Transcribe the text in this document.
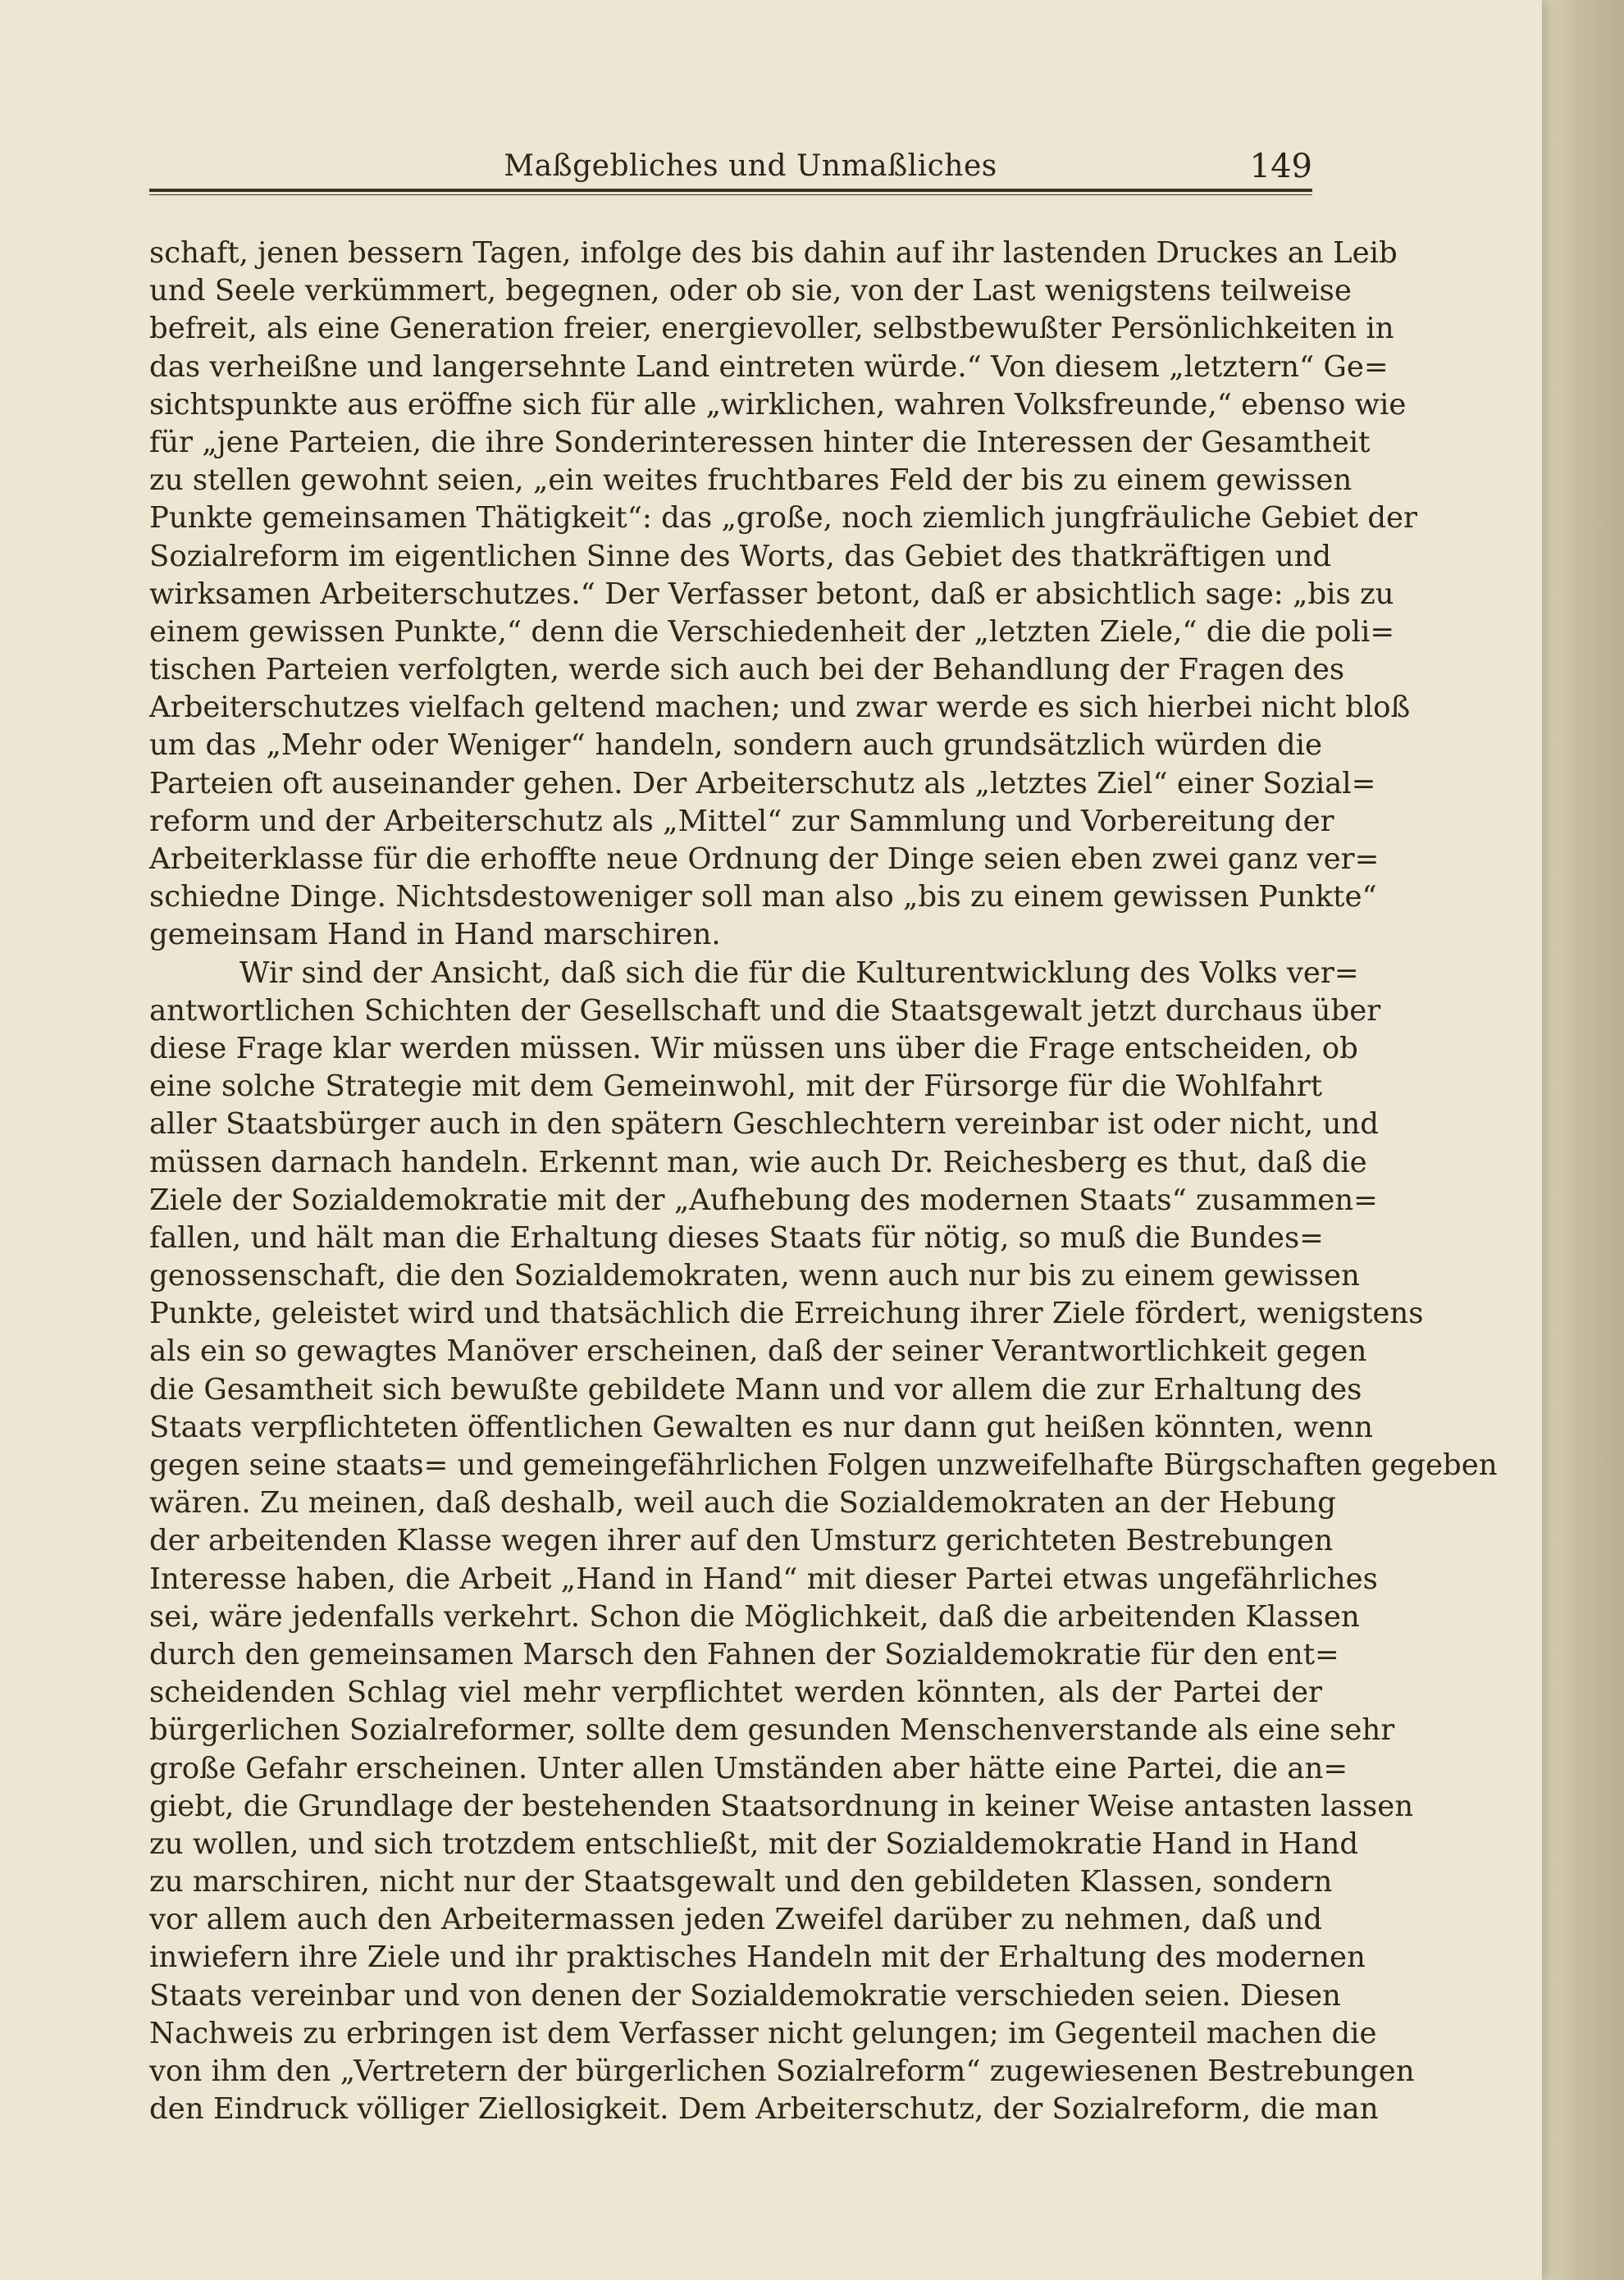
Maßgebliches und Unmaßliches	149
schaft, jenen bessern Tagen, infolge des bis dahin auf ihr lastenden Druckes an Leib
und Seele verkümmert, begegnen, oder ob sie, von der Last wenigstens teilweise
befreit, als eine Generation freier, energievoller, selbstbewußter Persönlichkeiten in
das verheißne und langersehnte Land eintreten würde.“ Von diesem „letztern“ Ge=
sichtspunkte aus eröffne sich für alle „wirklichen, wahren Volksfreunde,“ ebenso wie
für „jene Parteien, die ihre Sonderinteressen hinter die Interessen der Gesamtheit
zu stellen gewohnt seien, „ein weites fruchtbares Feld der bis zu einem gewissen
Punkte gemeinsamen Thätigkeit“: das „große, noch ziemlich jungfräuliche Gebiet der
Sozialreform im eigentlichen Sinne des Worts, das Gebiet des thatkräftigen und
wirksamen Arbeiterschutzes.“ Der Verfasser betont, daß er absichtlich sage: „bis zu
einem gewissen Punkte,“ denn die Verschiedenheit der „letzten Ziele,“ die die poli=
tischen Parteien verfolgten, werde sich auch bei der Behandlung der Fragen des
Arbeiterschutzes vielfach geltend machen; und zwar werde es sich hierbei nicht bloß
um das „Mehr oder Weniger“ handeln, sondern auch grundsätzlich würden die
Parteien oft auseinander gehen. Der Arbeiterschutz als „letztes Ziel“ einer Sozial=
reform und der Arbeiterschutz als „Mittel“ zur Sammlung und Vorbereitung der
Arbeiterklasse für die erhoffte neue Ordnung der Dinge seien eben zwei ganz ver=
schiedne Dinge. Nichtsdestoweniger soll man also „bis zu einem gewissen Punkte“
gemeinsam Hand in Hand marschiren.
Wir sind der Ansicht, daß sich die für die Kulturentwicklung des Volks ver=
antwortlichen Schichten der Gesellschaft und die Staatsgewalt jetzt durchaus über
diese Frage klar werden müssen. Wir müssen uns über die Frage entscheiden, ob
eine solche Strategie mit dem Gemeinwohl, mit der Fürsorge für die Wohlfahrt
aller Staatsbürger auch in den spätern Geschlechtern vereinbar ist oder nicht, und
müssen darnach handeln. Erkennt man, wie auch Dr. Reichesberg es thut, daß die
Ziele der Sozialdemokratie mit der „Aufhebung des modernen Staats“ zusammen=
fallen, und hält man die Erhaltung dieses Staats für nötig, so muß die Bundes=
genossenschaft, die den Sozialdemokraten, wenn auch nur bis zu einem gewissen
Punkte, geleistet wird und thatsächlich die Erreichung ihrer Ziele fördert, wenigstens
als ein so gewagtes Manöver erscheinen, daß der seiner Verantwortlichkeit gegen
die Gesamtheit sich bewußte gebildete Mann und vor allem die zur Erhaltung des
Staats verpflichteten öffentlichen Gewalten es nur dann gut heißen könnten, wenn
gegen seine staats= und gemeingefährlichen Folgen unzweifelhafte Bürgschaften gegeben
wären. Zu meinen, daß deshalb, weil auch die Sozialdemokraten an der Hebung
der arbeitenden Klasse wegen ihrer auf den Umsturz gerichteten Bestrebungen
Interesse haben, die Arbeit „Hand in Hand“ mit dieser Partei etwas ungefährliches
sei, wäre jedenfalls verkehrt. Schon die Möglichkeit, daß die arbeitenden Klassen
durch den gemeinsamen Marsch den Fahnen der Sozialdemokratie für den ent=
scheidenden Schlag viel mehr verpflichtet werden könnten, als der Partei der
bürgerlichen Sozialreformer, sollte dem gesunden Menschenverstande als eine sehr
große Gefahr erscheinen. Unter allen Umständen aber hätte eine Partei, die an=
giebt, die Grundlage der bestehenden Staatsordnung in keiner Weise antasten lassen
zu wollen, und sich trotzdem entschließt, mit der Sozialdemokratie Hand in Hand
zu marschiren, nicht nur der Staatsgewalt und den gebildeten Klassen, sondern
vor allem auch den Arbeitermassen jeden Zweifel darüber zu nehmen, daß und
inwiefern ihre Ziele und ihr praktisches Handeln mit der Erhaltung des modernen
Staats vereinbar und von denen der Sozialdemokratie verschieden seien. Diesen
Nachweis zu erbringen ist dem Verfasser nicht gelungen; im Gegenteil machen die
von ihm den „Vertretern der bürgerlichen Sozialreform“ zugewiesenen Bestrebungen
den Eindruck völliger Ziellosigkeit. Dem Arbeiterschutz, der Sozialreform, die man
